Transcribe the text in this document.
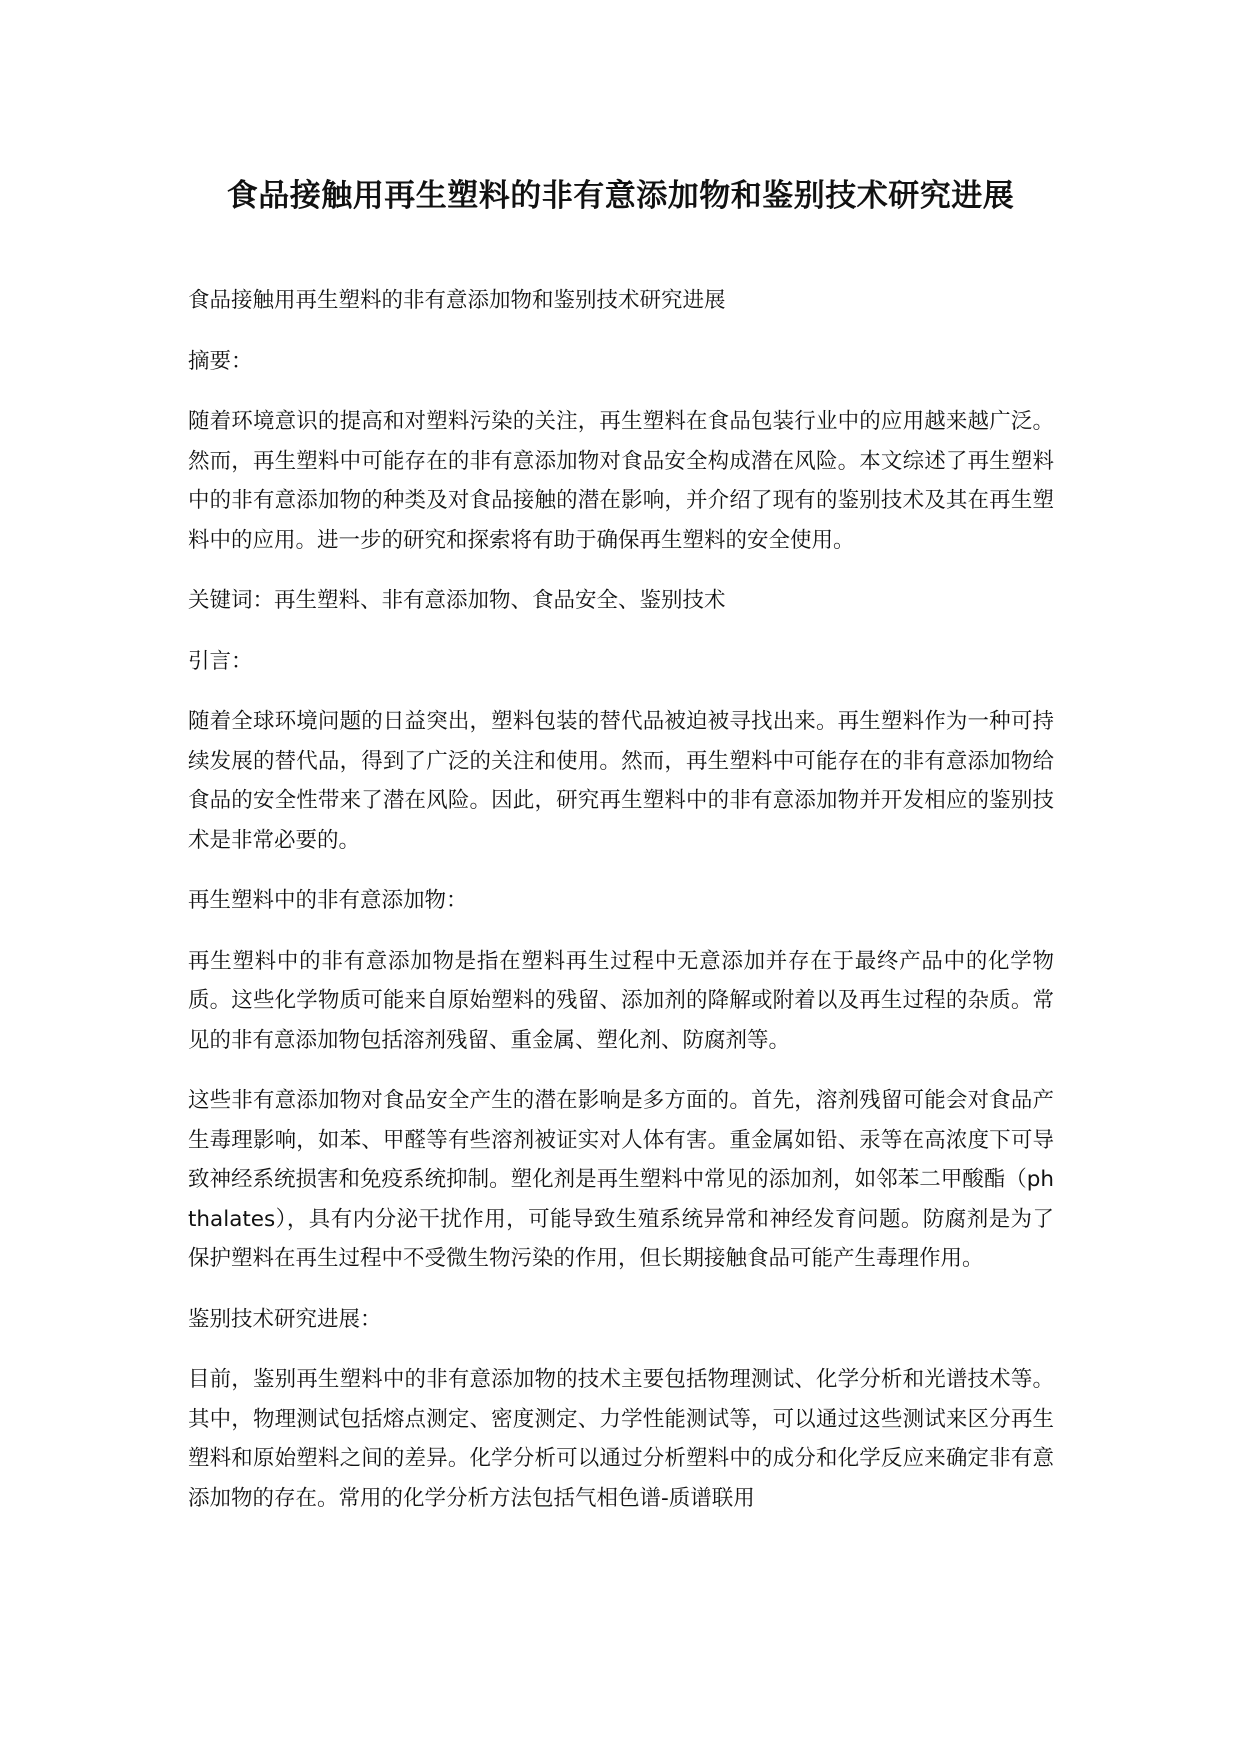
食品接触用再生塑料的非有意添加物和鉴别技术研究进展

食品接触用再生塑料的非有意添加物和鉴别技术研究进展

摘要：

随着环境意识的提高和对塑料污染的关注，再生塑料在食品包装行业中的应用越来越广泛。然而，再生塑料中可能存在的非有意添加物对食品安全构成潜在风险。本文综述了再生塑料中的非有意添加物的种类及对食品接触的潜在影响，并介绍了现有的鉴别技术及其在再生塑料中的应用。进一步的研究和探索将有助于确保再生塑料的安全使用。

关键词：再生塑料、非有意添加物、食品安全、鉴别技术

引言：

随着全球环境问题的日益突出，塑料包装的替代品被迫被寻找出来。再生塑料作为一种可持续发展的替代品，得到了广泛的关注和使用。然而，再生塑料中可能存在的非有意添加物给食品的安全性带来了潜在风险。因此，研究再生塑料中的非有意添加物并开发相应的鉴别技术是非常必要的。

再生塑料中的非有意添加物：

再生塑料中的非有意添加物是指在塑料再生过程中无意添加并存在于最终产品中的化学物质。这些化学物质可能来自原始塑料的残留、添加剂的降解或附着以及再生过程的杂质。常见的非有意添加物包括溶剂残留、重金属、塑化剂、防腐剂等。

这些非有意添加物对食品安全产生的潜在影响是多方面的。首先，溶剂残留可能会对食品产生毒理影响，如苯、甲醛等有些溶剂被证实对人体有害。重金属如铅、汞等在高浓度下可导致神经系统损害和免疫系统抑制。塑化剂是再生塑料中常见的添加剂，如邻苯二甲酸酯（phthalates），具有内分泌干扰作用，可能导致生殖系统异常和神经发育问题。防腐剂是为了保护塑料在再生过程中不受微生物污染的作用，但长期接触食品可能产生毒理作用。

鉴别技术研究进展：

目前，鉴别再生塑料中的非有意添加物的技术主要包括物理测试、化学分析和光谱技术等。其中，物理测试包括熔点测定、密度测定、力学性能测试等，可以通过这些测试来区分再生塑料和原始塑料之间的差异。化学分析可以通过分析塑料中的成分和化学反应来确定非有意添加物的存在。常用的化学分析方法包括气相色谱-质谱联用
